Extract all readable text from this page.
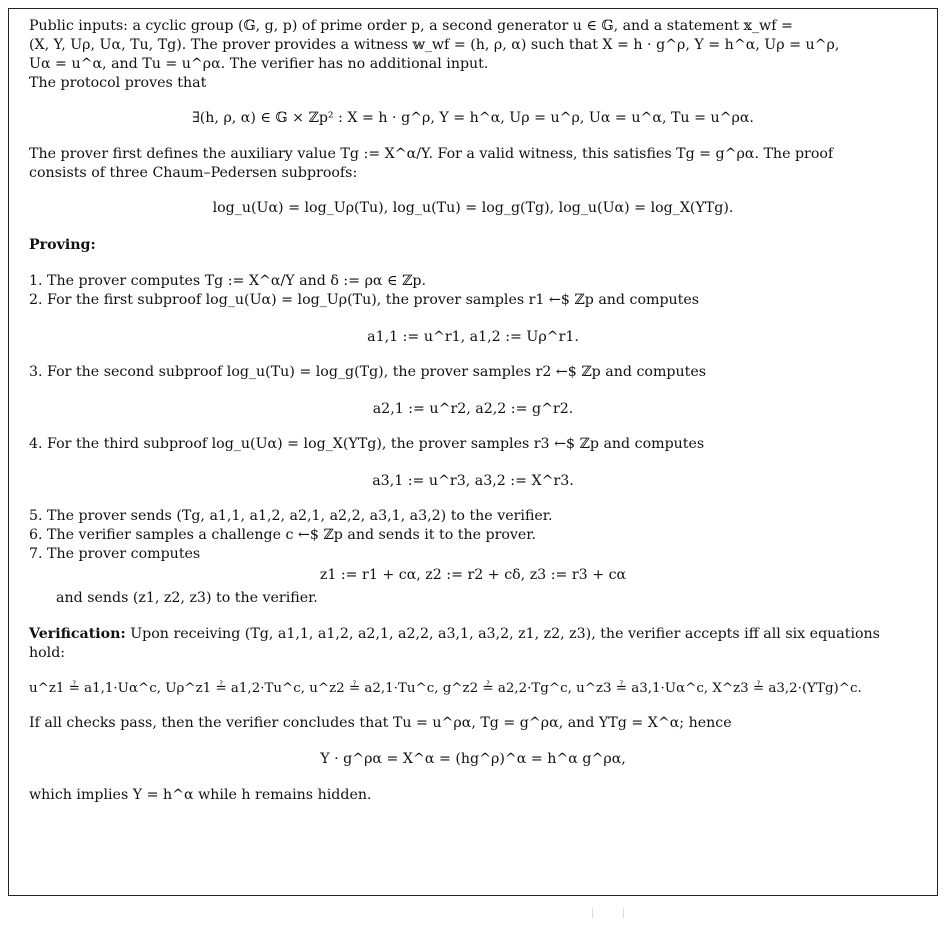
Public inputs: a cyclic group (𝔾, g, p) of prime order p, a second generator u ∈ 𝔾, and a statement 𝕩_wf =
(X, Y, Uρ, Uα, Tu, Tg). The prover provides a witness 𝕨_wf = (h, ρ, α) such that X = h · g^ρ, Y = h^α, Uρ = u^ρ,
Uα = u^α, and Tu = u^ρα. The verifier has no additional input.
The protocol proves that
∃(h, ρ, α) ∈ 𝔾 × ℤp² : X = h · g^ρ, Y = h^α, Uρ = u^ρ, Uα = u^α, Tu = u^ρα.
The prover first defines the auxiliary value Tg := X^α/Y. For a valid witness, this satisfies Tg = g^ρα. The proof
consists of three Chaum–Pedersen subproofs:
log_u(Uα) = log_Uρ(Tu), log_u(Tu) = log_g(Tg), log_u(Uα) = log_X(YTg).
Proving:
1. The prover computes Tg := X^α/Y and δ := ρα ∈ ℤp.
2. For the first subproof log_u(Uα) = log_Uρ(Tu), the prover samples r1 ←$ ℤp and computes
a1,1 := u^r1, a1,2 := Uρ^r1.
3. For the second subproof log_u(Tu) = log_g(Tg), the prover samples r2 ←$ ℤp and computes
a2,1 := u^r2, a2,2 := g^r2.
4. For the third subproof log_u(Uα) = log_X(YTg), the prover samples r3 ←$ ℤp and computes
a3,1 := u^r3, a3,2 := X^r3.
5. The prover sends (Tg, a1,1, a1,2, a2,1, a2,2, a3,1, a3,2) to the verifier.
6. The verifier samples a challenge c ←$ ℤp and sends it to the prover.
7. The prover computes
z1 := r1 + cα, z2 := r2 + cδ, z3 := r3 + cα
and sends (z1, z2, z3) to the verifier.
Verification: Upon receiving (Tg, a1,1, a1,2, a2,1, a2,2, a3,1, a3,2, z1, z2, z3), the verifier accepts iff all six equations
hold:
u^z1 ≟ a1,1·Uα^c, Uρ^z1 ≟ a1,2·Tu^c, u^z2 ≟ a2,1·Tu^c, g^z2 ≟ a2,2·Tg^c, u^z3 ≟ a3,1·Uα^c, X^z3 ≟ a3,2·(YTg)^c.
If all checks pass, then the verifier concludes that Tu = u^ρα, Tg = g^ρα, and YTg = X^α; hence
Y · g^ρα = X^α = (hg^ρ)^α = h^α g^ρα,
which implies Y = h^α while h remains hidden.
